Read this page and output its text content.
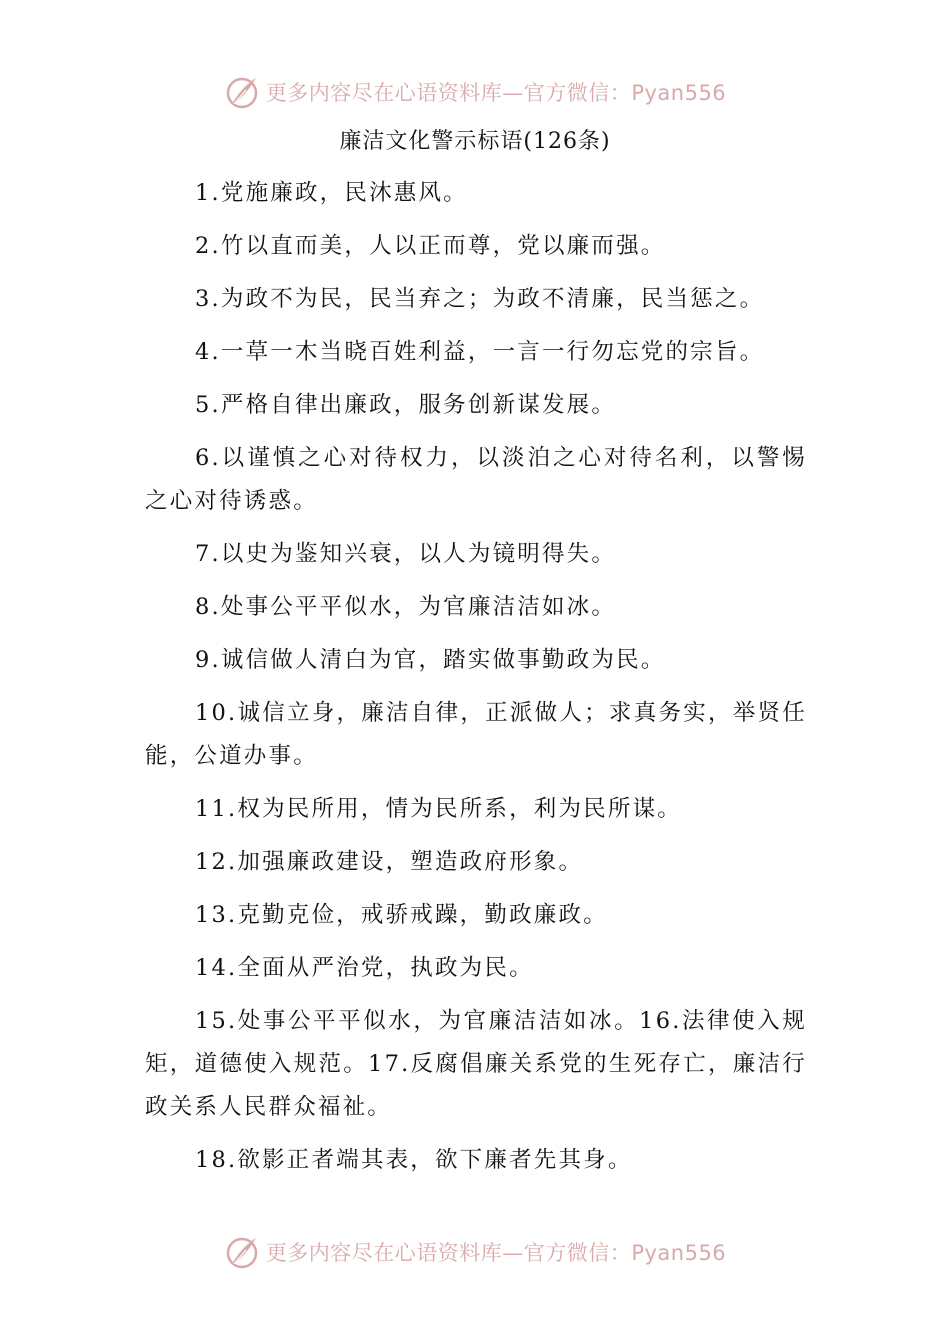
更多内容尽在心语资料库—官方微信：Pyan556
廉洁文化警示标语(126条)

1.党施廉政，民沐惠风。

2.竹以直而美，人以正而尊，党以廉而强。

3.为政不为民，民当弃之；为政不清廉，民当惩之。

4.一草一木当晓百姓利益，一言一行勿忘党的宗旨。

5.严格自律出廉政，服务创新谋发展。

6.以谨慎之心对待权力，以淡泊之心对待名利，以警惕之心对待诱惑。

7.以史为鉴知兴衰，以人为镜明得失。

8.处事公平平似水，为官廉洁洁如冰。

9.诚信做人清白为官，踏实做事勤政为民。

10.诚信立身，廉洁自律，正派做人；求真务实，举贤任能，公道办事。

11.权为民所用，情为民所系，利为民所谋。

12.加强廉政建设，塑造政府形象。

13.克勤克俭，戒骄戒躁，勤政廉政。

14.全面从严治党，执政为民。

15.处事公平平似水，为官廉洁洁如冰。16.法律使入规矩，道德使入规范。17.反腐倡廉关系党的生死存亡，廉洁行政关系人民群众福祉。

18.欲影正者端其表，欲下廉者先其身。

更多内容尽在心语资料库—官方微信：Pyan556
